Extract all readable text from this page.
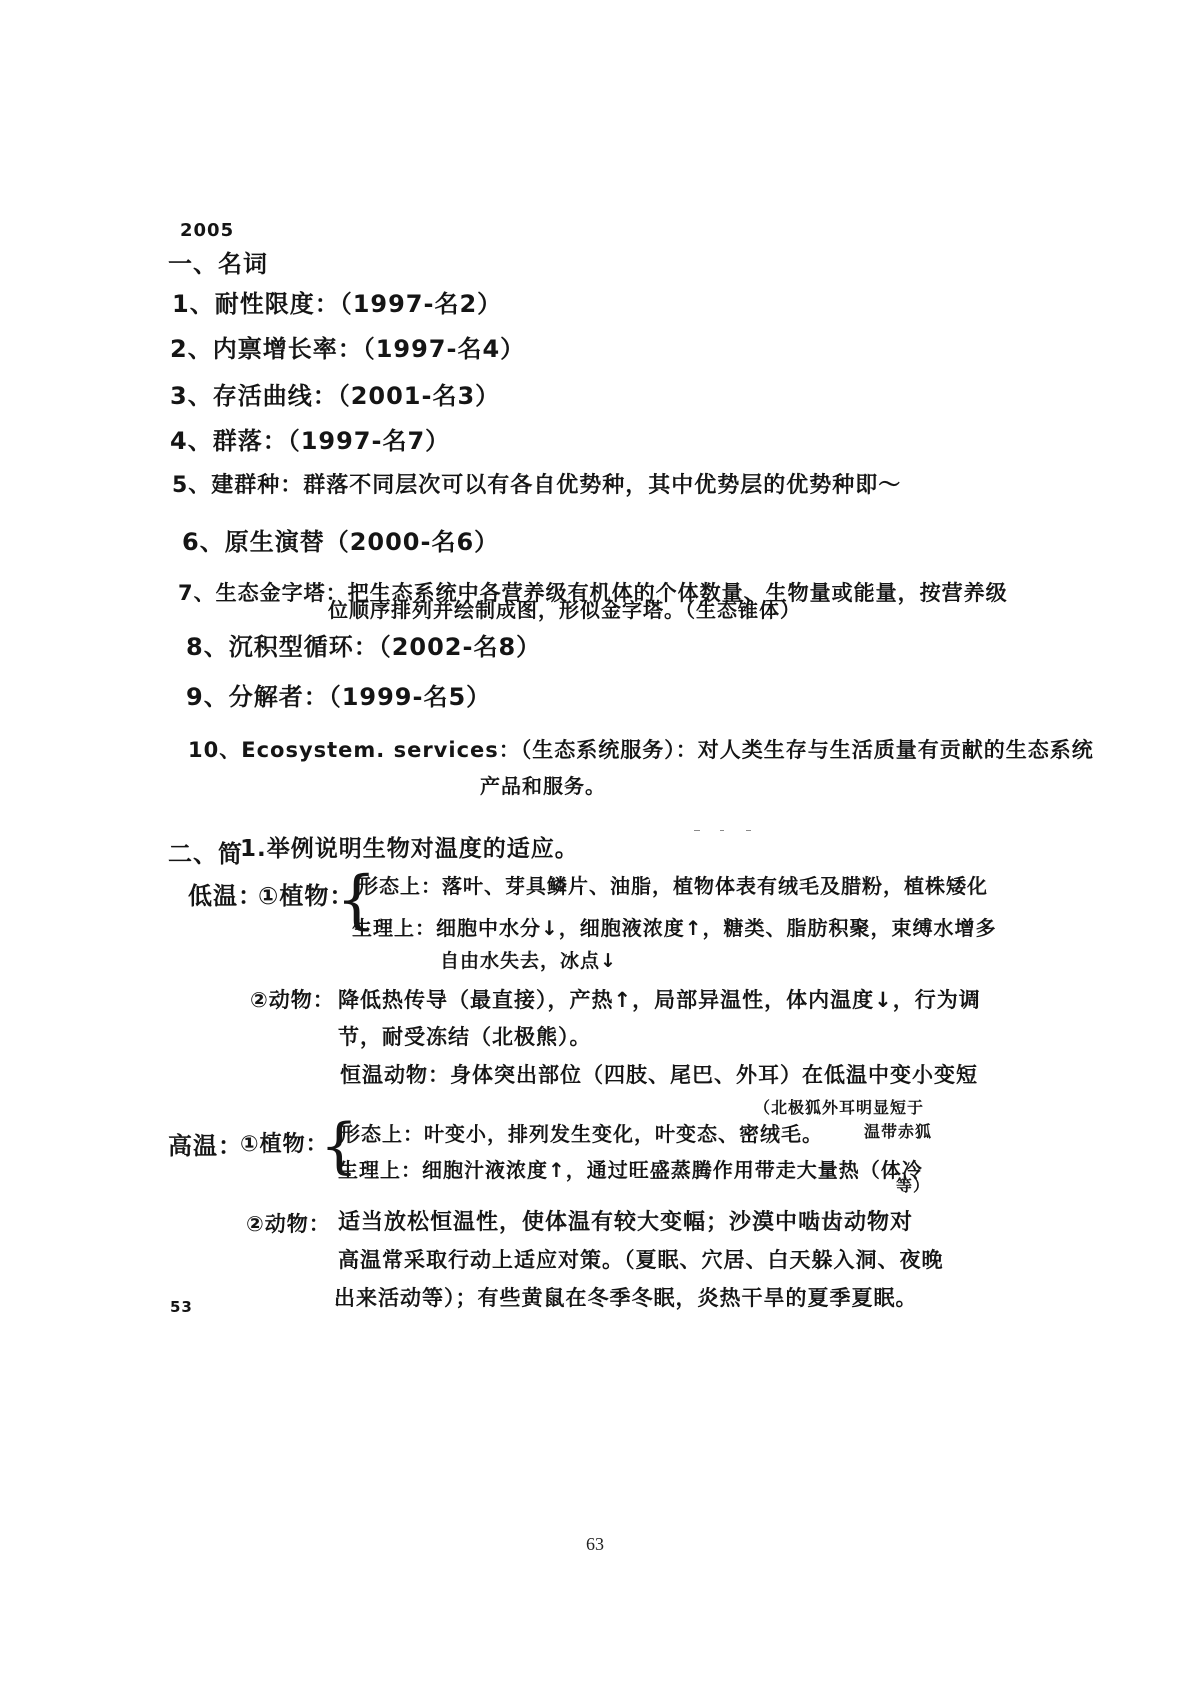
2005
一、名词
1、耐性限度：（1997-名2）
2、内禀增长率：（1997-名4）
3、存活曲线：（2001-名3）
4、群落：（1997-名7）
5、建群种：群落不同层次可以有各自优势种，其中优势层的优势种即～
6、原生演替（2000-名6）
7、生态金字塔：把生态系统中各营养级有机体的个体数量、生物量或能量，按营养级
位顺序排列并绘制成图，形似金字塔。（生态锥体）
8、沉积型循环：（2002-名8）
9、分解者：（1999-名5）
10、Ecosystem. services：（生态系统服务）：对人类生存与生活质量有贡献的生态系统
产品和服务。
二、简
1.举例说明生物对温度的适应。
低温：
①植物：
{
形态上：落叶、芽具鳞片、油脂，植物体表有绒毛及腊粉，植株矮化
生理上：细胞中水分↓，细胞液浓度↑，糖类、脂肪积聚，束缚水增多
自由水失去，冰点↓
②动物： 降低热传导（最直接），产热↑，局部异温性，体内温度↓，行为调
节，耐受冻结（北极熊）。
恒温动物：身体突出部位（四肢、尾巴、外耳）在低温中变小变短
（北极狐外耳明显短于
温带赤狐
高温：
①植物：
{
形态上：叶变小，排列发生变化，叶变态、密绒毛。
生理上：细胞汁液浓度↑，通过旺盛蒸腾作用带走大量热（体冷
等）
②动物： 适当放松恒温性，使体温有较大变幅；沙漠中啮齿动物对
高温常采取行动上适应对策。（夏眠、穴居、白天躲入洞、夜晚
出来活动等）；有些黄鼠在冬季冬眠，炎热干旱的夏季夏眠。
53
63
